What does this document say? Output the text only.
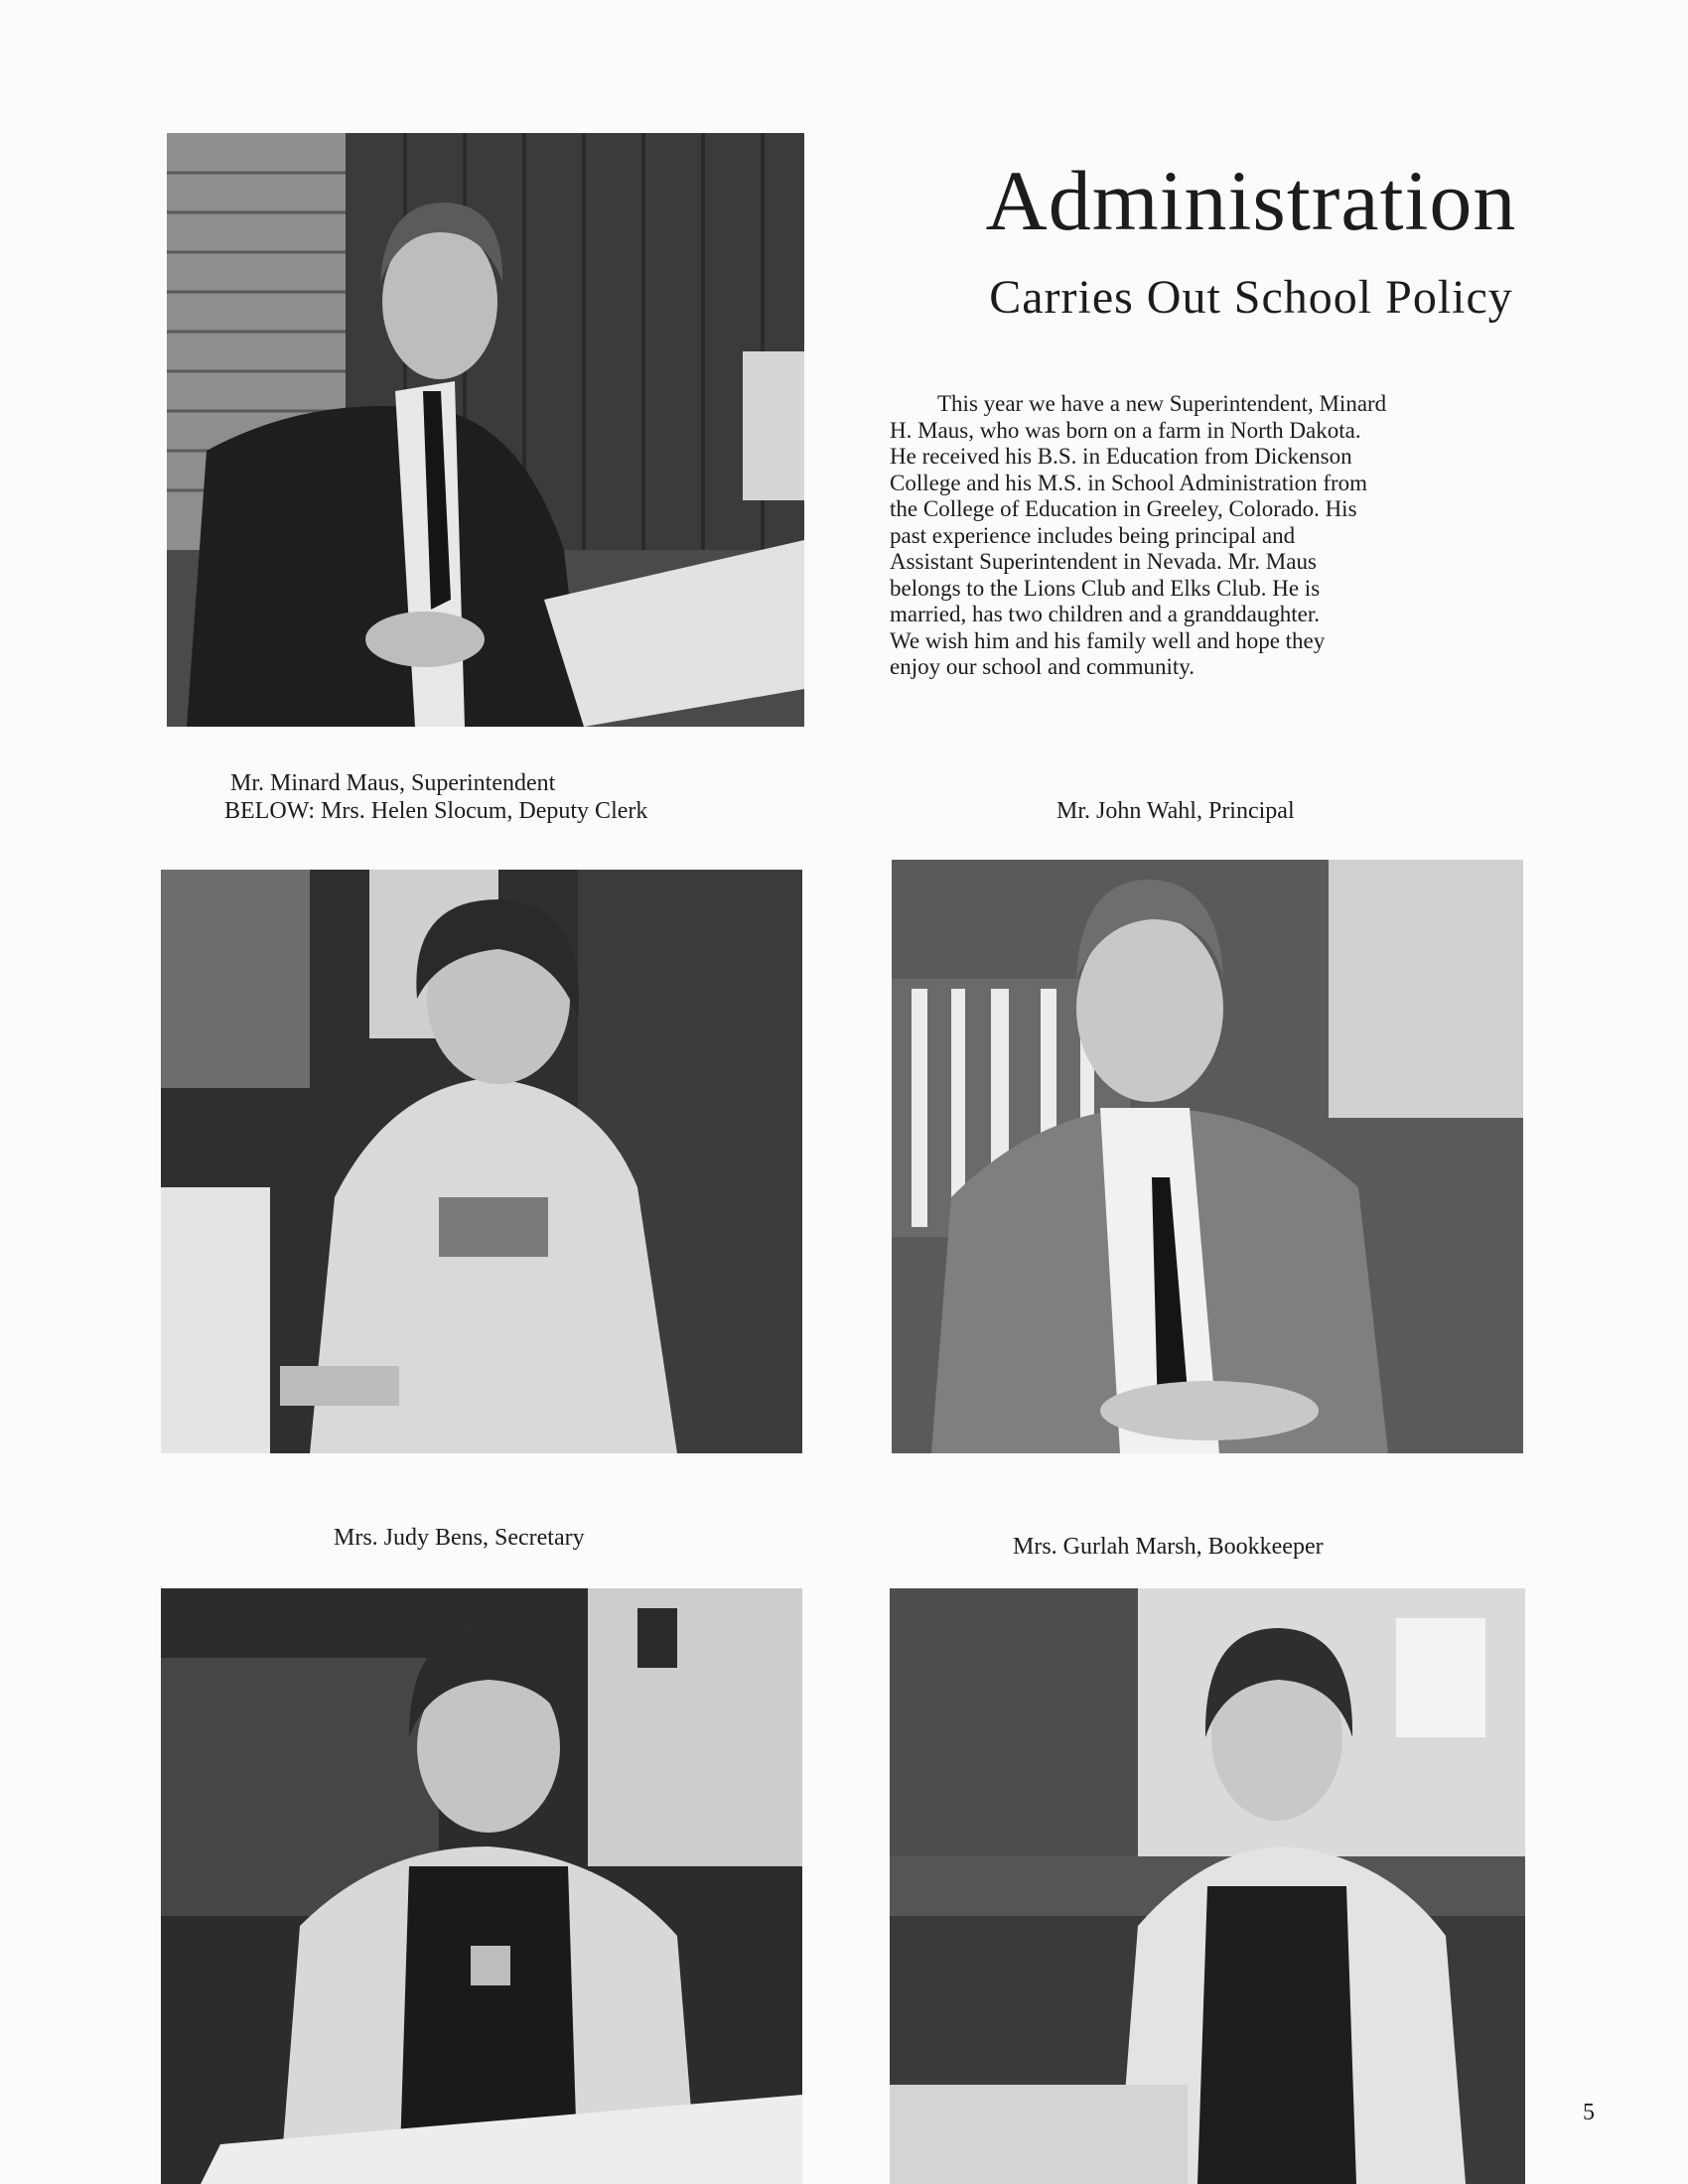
Administration
Carries Out School Policy

This year we have a new Superintendent, Minard
H. Maus, who was born on a farm in North Dakota.
He received his B.S. in Education from Dickenson
College and his M.S. in School Administration from
the College of Education in Greeley, Colorado. His
past experience includes being principal and
Assistant Superintendent in Nevada. Mr. Maus
belongs to the Lions Club and Elks Club. He is
married, has two children and a granddaughter.
We wish him and his family well and hope they
enjoy our school and community.

Mr. Minard Maus, Superintendent
BELOW: Mrs. Helen Slocum, Deputy Clerk	Mr. John Wahl, Principal
Mrs. Judy Bens, Secretary	Mrs. Gurlah Marsh, Bookkeeper
5
